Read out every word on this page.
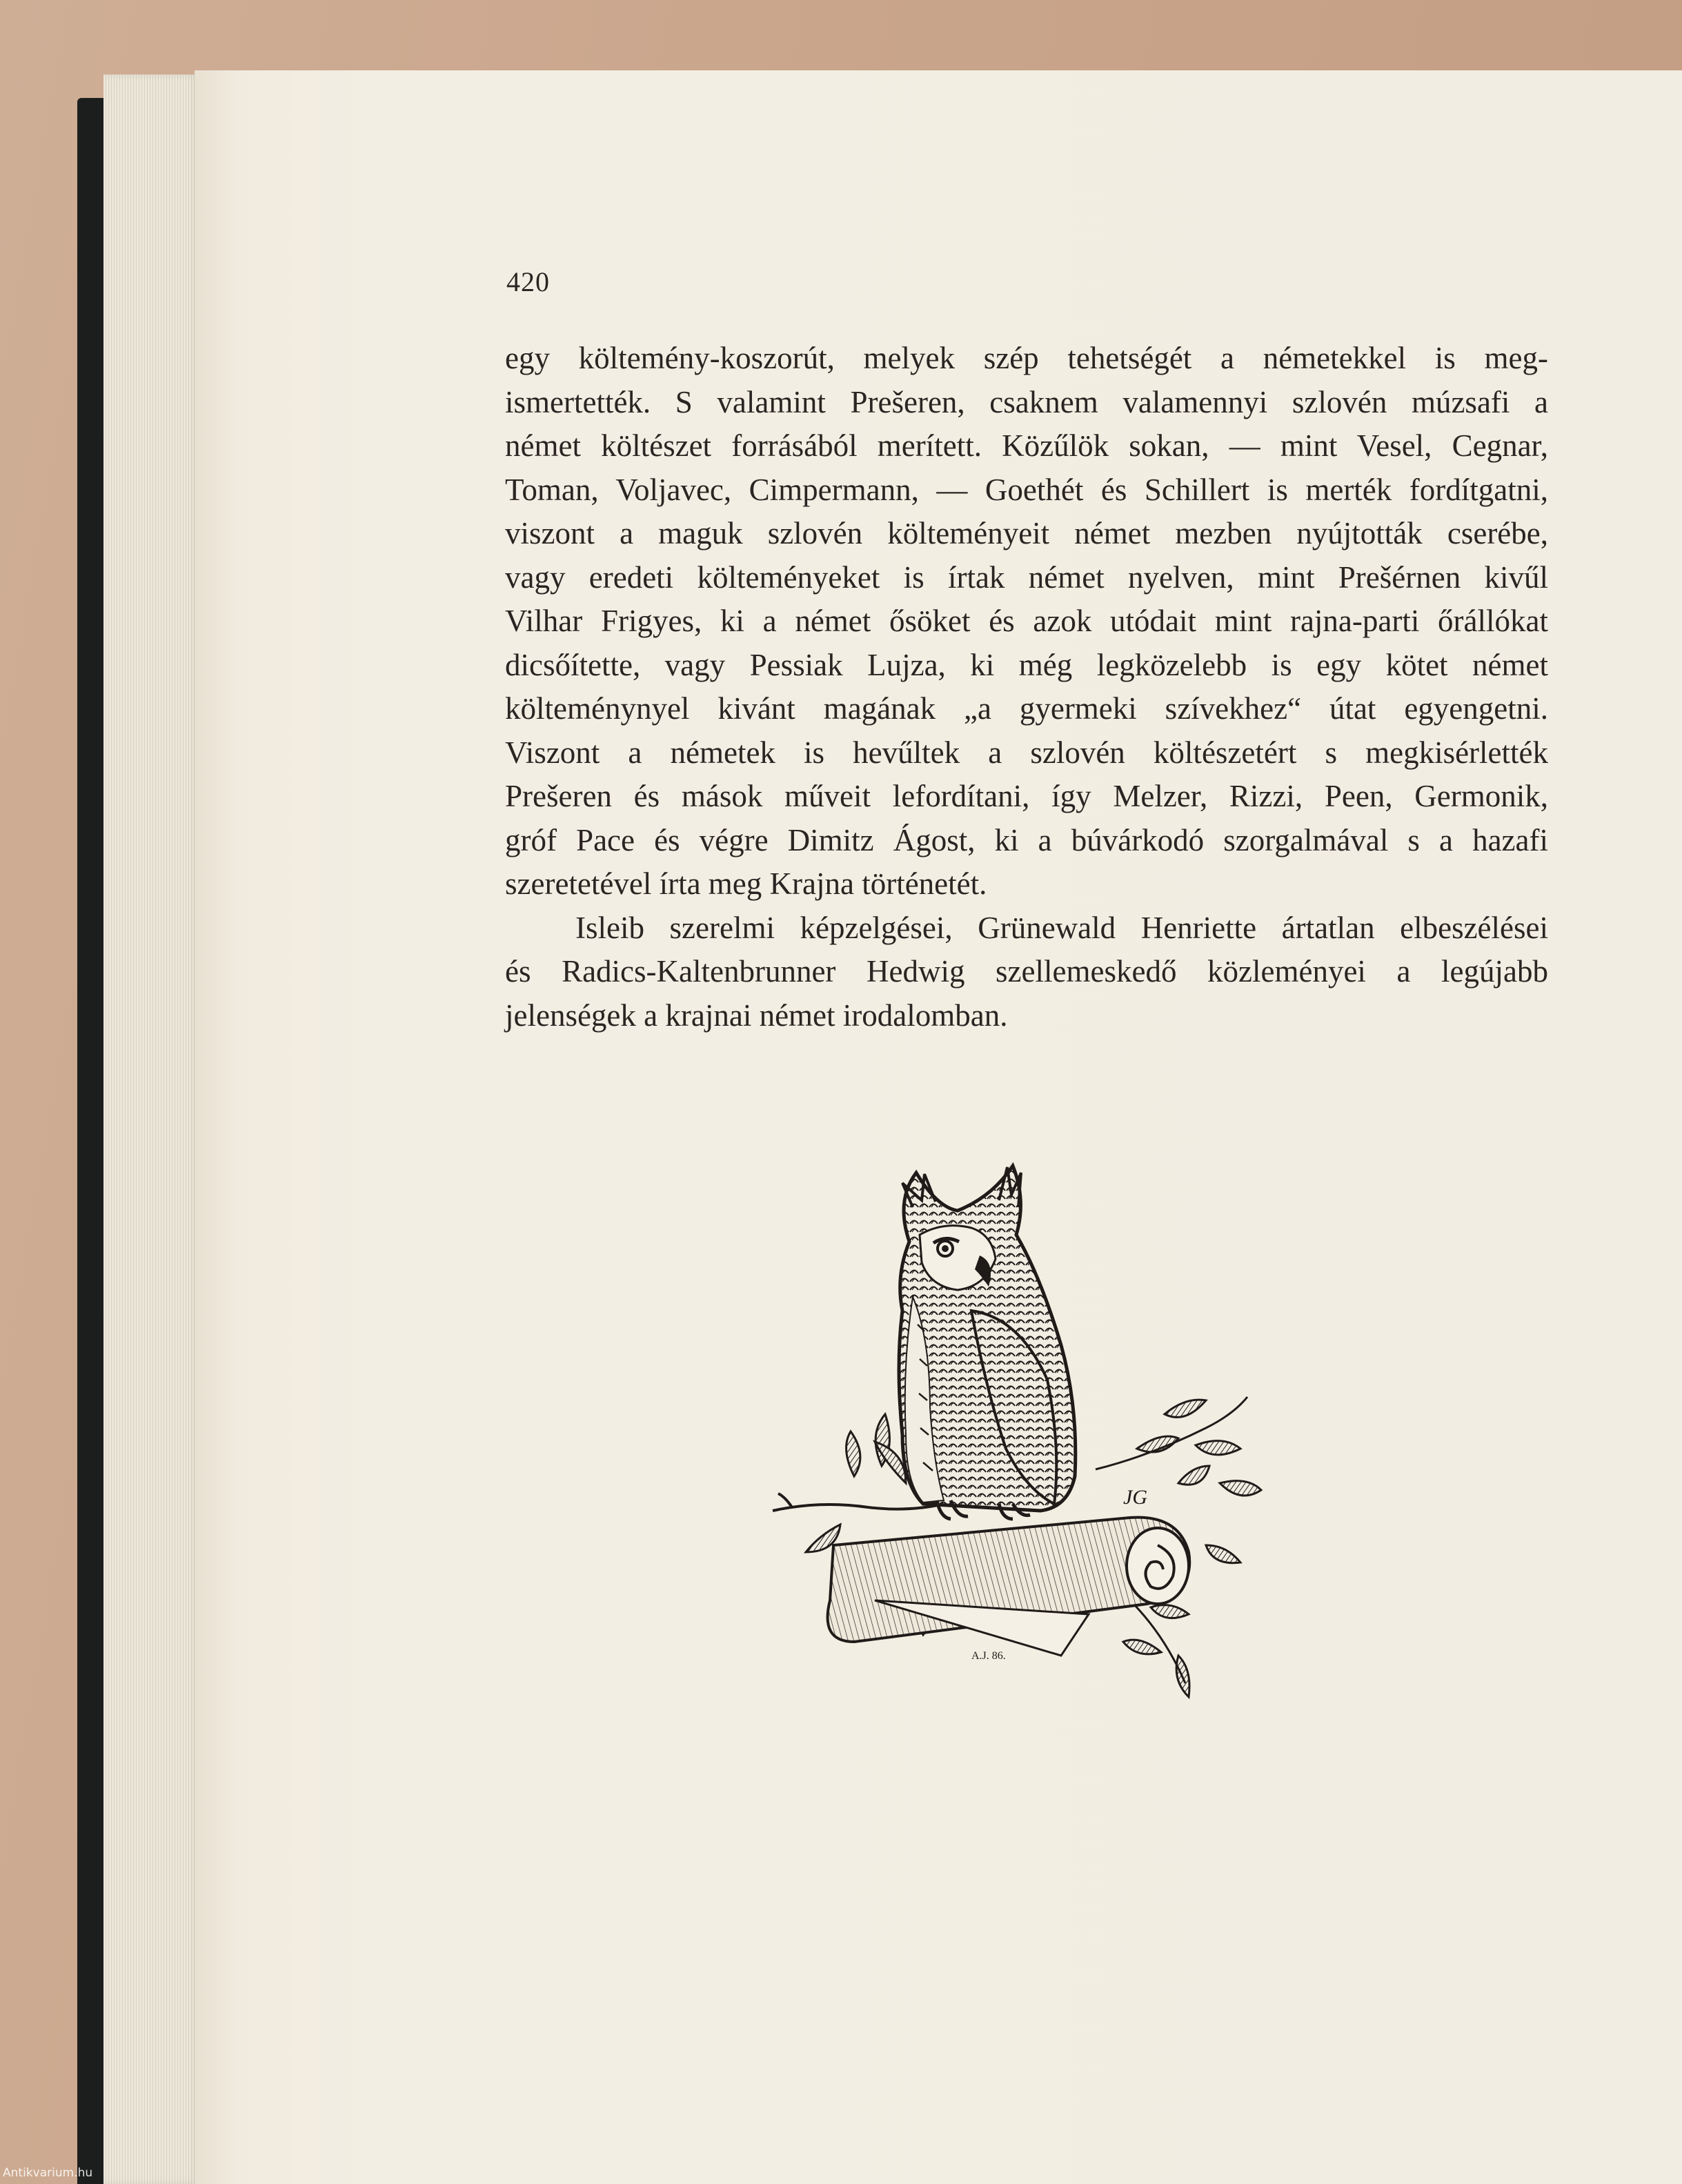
420

egy költemény-koszorút, melyek szép tehetségét a németekkel is meg-
ismertették. S valamint Prešeren, csaknem valamennyi szlovén múzsafi a
német költészet forrásából merített. Közűlök sokan, — mint Vesel, Cegnar,
Toman, Voljavec, Cimpermann, — Goethét és Schillert is merték fordítgatni,
viszont a maguk szlovén költeményeit német mezben nyújtották cserébe,
vagy eredeti költeményeket is írtak német nyelven, mint Prešérnen kivűl
Vilhar Frigyes, ki a német ősöket és azok utódait mint rajna-parti őrállókat
dicsőítette, vagy Pessiak Lujza, ki még legközelebb is egy kötet német
költeménynyel kivánt magának „a gyermeki szívekhez“ útat egyengetni.
Viszont a németek is hevűltek a szlovén költészetért s megkisérlették
Prešeren és mások műveit lefordítani, így Melzer, Rizzi, Peen, Germonik,
gróf Pace és végre Dimitz Ágost, ki a búvárkodó szorgalmával s a hazafi
szeretetével írta meg Krajna történetét.

Isleib szerelmi képzelgései, Grünewald Henriette ártatlan elbeszélései
és Radics-Kaltenbrunner Hedwig szellemeskedő közleményei a legújabb
jelenségek a krajnai német irodalomban.

JG
A.J. 86.
Antikvarium.hu
